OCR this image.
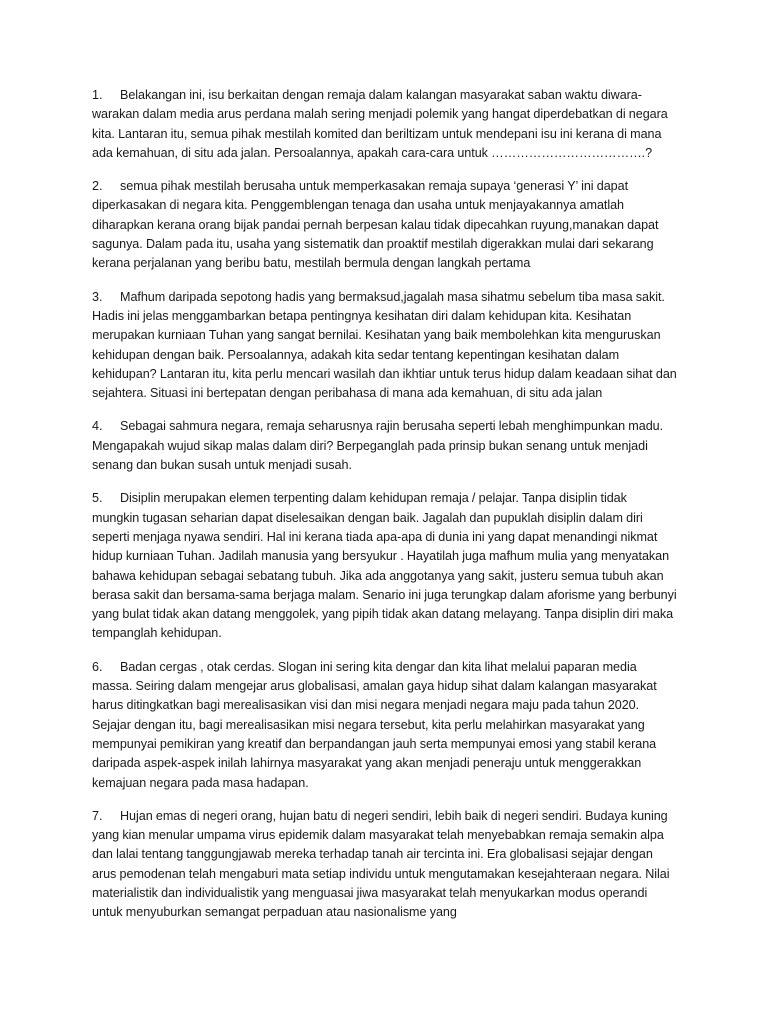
1. Belakangan ini, isu berkaitan dengan remaja dalam kalangan masyarakat saban waktu diwara-warakan dalam media arus perdana malah sering menjadi polemik yang hangat diperdebatkan di negara kita. Lantaran itu, semua pihak mestilah komited dan beriltizam untuk mendepani isu ini kerana di mana ada kemahuan, di situ ada jalan. Persoalannya, apakah cara-cara untuk ……………………………….?

2. semua pihak mestilah berusaha untuk memperkasakan remaja supaya ‘generasi Y’ ini dapat diperkasakan di negara kita. Penggemblengan tenaga dan usaha untuk menjayakannya amatlah diharapkan kerana orang bijak pandai pernah berpesan kalau tidak dipecahkan ruyung,manakan dapat sagunya. Dalam pada itu, usaha yang sistematik dan proaktif mestilah digerakkan mulai dari sekarang kerana perjalanan yang beribu batu, mestilah bermula dengan langkah pertama

3. Mafhum daripada sepotong hadis yang bermaksud,jagalah masa sihatmu sebelum tiba masa sakit. Hadis ini jelas menggambarkan betapa pentingnya kesihatan diri dalam kehidupan kita. Kesihatan merupakan kurniaan Tuhan yang sangat bernilai. Kesihatan yang baik membolehkan kita menguruskan kehidupan dengan baik. Persoalannya, adakah kita sedar tentang kepentingan kesihatan dalam kehidupan? Lantaran itu, kita perlu mencari wasilah dan ikhtiar untuk terus hidup dalam keadaan sihat dan sejahtera. Situasi ini bertepatan dengan peribahasa di mana ada kemahuan, di situ ada jalan

4. Sebagai sahmura negara, remaja seharusnya rajin berusaha seperti lebah menghimpunkan madu. Mengapakah wujud sikap malas dalam diri? Berpeganglah pada prinsip bukan senang untuk menjadi senang dan bukan susah untuk menjadi susah.

5. Disiplin merupakan elemen terpenting dalam kehidupan remaja / pelajar. Tanpa disiplin tidak mungkin tugasan seharian dapat diselesaikan dengan baik. Jagalah dan pupuklah disiplin dalam diri seperti menjaga nyawa sendiri. Hal ini kerana tiada apa-apa di dunia ini yang dapat menandingi nikmat hidup kurniaan Tuhan. Jadilah manusia yang bersyukur . Hayatilah juga mafhum mulia yang menyatakan bahawa kehidupan sebagai sebatang tubuh. Jika ada anggotanya yang sakit, justeru semua tubuh akan berasa sakit dan bersama-sama berjaga malam. Senario ini juga terungkap dalam aforisme yang berbunyi yang bulat tidak akan datang menggolek, yang pipih tidak akan datang melayang. Tanpa disiplin diri maka tempanglah kehidupan.

6. Badan cergas , otak cerdas. Slogan ini sering kita dengar dan kita lihat melalui paparan media massa. Seiring dalam mengejar arus globalisasi, amalan gaya hidup sihat dalam kalangan masyarakat harus ditingkatkan bagi merealisasikan visi dan misi negara menjadi negara maju pada tahun 2020. Sejajar dengan itu, bagi merealisasikan misi negara tersebut, kita perlu melahirkan masyarakat yang mempunyai pemikiran yang kreatif dan berpandangan jauh serta mempunyai emosi yang stabil kerana daripada aspek-aspek inilah lahirnya masyarakat yang akan menjadi peneraju untuk menggerakkan kemajuan negara pada masa hadapan.

7. Hujan emas di negeri orang, hujan batu di negeri sendiri, lebih baik di negeri sendiri. Budaya kuning yang kian menular umpama virus epidemik dalam masyarakat telah menyebabkan remaja semakin alpa dan lalai tentang tanggungjawab mereka terhadap tanah air tercinta ini. Era globalisasi sejajar dengan arus pemodenan telah mengaburi mata setiap individu untuk mengutamakan kesejahteraan negara. Nilai materialistik dan individualistik yang menguasai jiwa masyarakat telah menyukarkan modus operandi untuk menyuburkan semangat perpaduan atau nasionalisme yang
